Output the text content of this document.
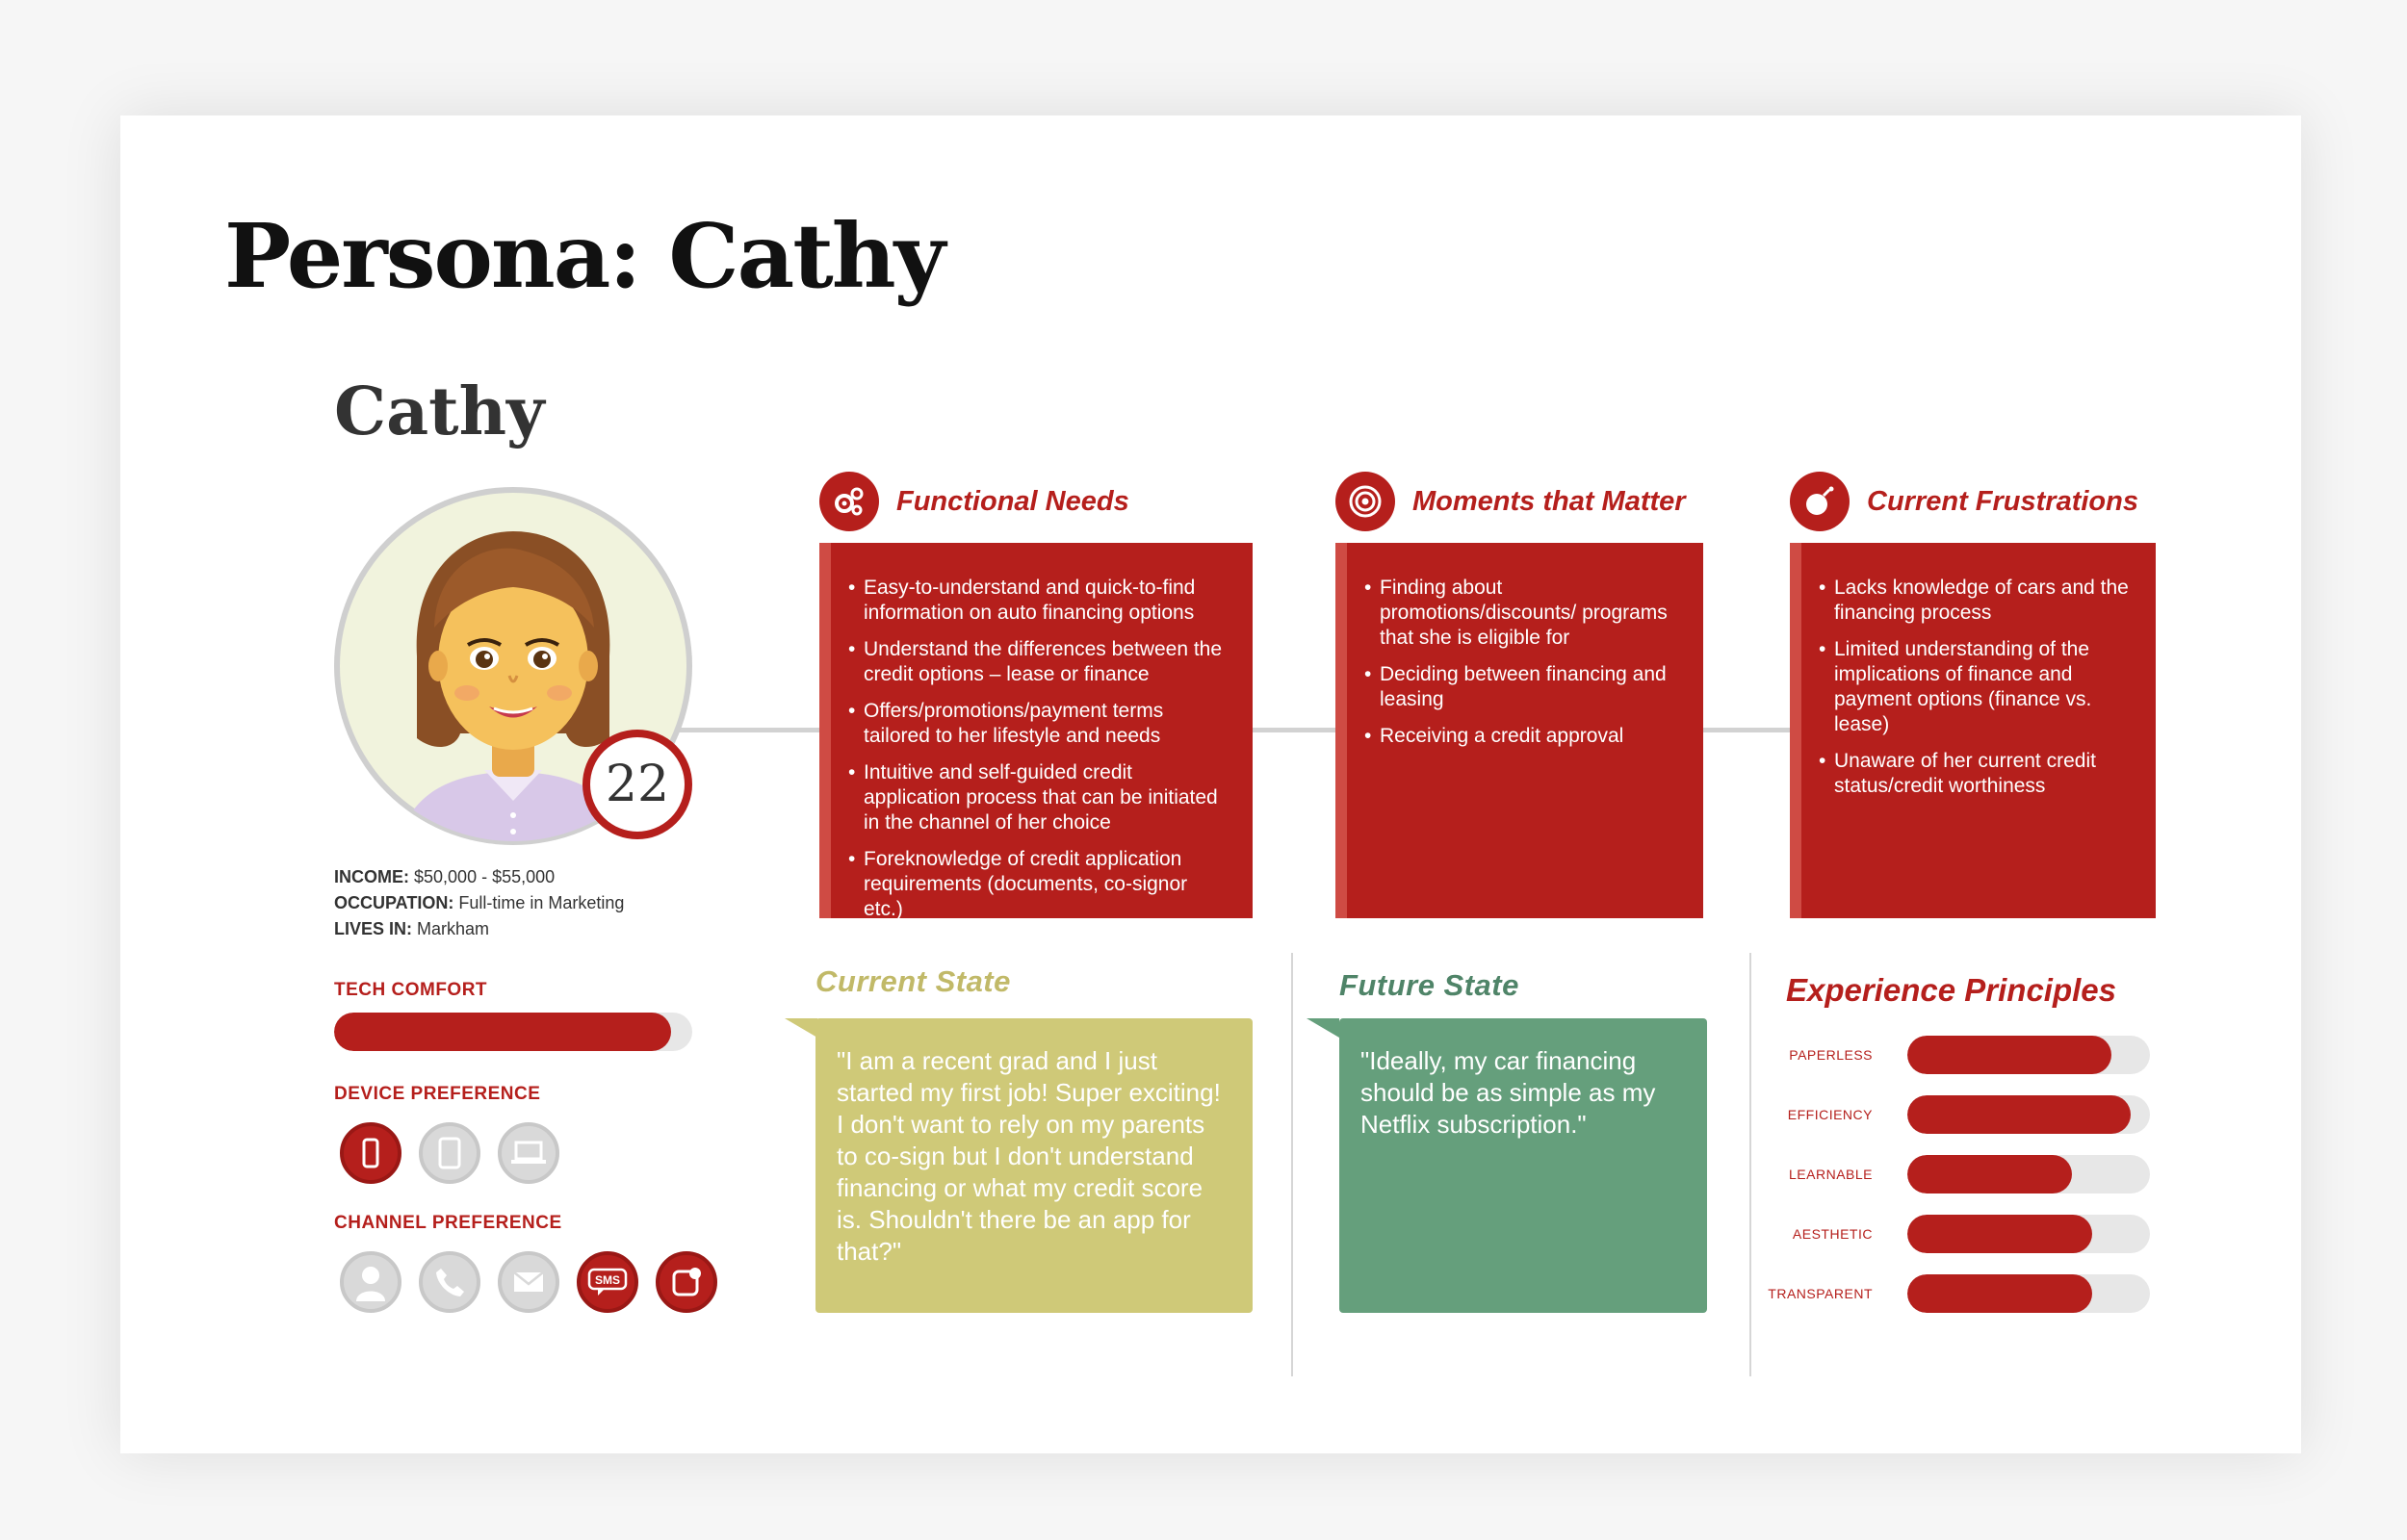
Persona: Cathy
Cathy
22
INCOME: $50,000 - $55,000
OCCUPATION: Full-time in Marketing
LIVES IN: Markham
TECH COMFORT
DEVICE PREFERENCE
CHANNEL PREFERENCE
SMS
Functional Needs
• Easy-to-understand and quick-to-find information on auto financing options
• Understand the differences between the credit options – lease or finance
• Offers/promotions/payment terms tailored to her lifestyle and needs
• Intuitive and self-guided credit application process that can be initiated in the channel of her choice
• Foreknowledge of credit application requirements (documents, co-signor etc.)
Moments that Matter
• Finding about promotions/discounts/ programs that she is eligible for
• Deciding between financing and leasing
• Receiving a credit approval
Current Frustrations
• Lacks knowledge of cars and the financing process
• Limited understanding of the implications of finance and payment options (finance vs. lease)
• Unaware of her current credit status/credit worthiness
Current State
"I am a recent grad and I just started my first job! Super exciting! I don't want to rely on my parents to co-sign but I don't understand financing or what my credit score is. Shouldn't there be an app for that?"
Future State
"Ideally, my car financing should be as simple as my Netflix subscription."
Experience Principles
PAPERLESS
EFFICIENCY
LEARNABLE
AESTHETIC
TRANSPARENT
